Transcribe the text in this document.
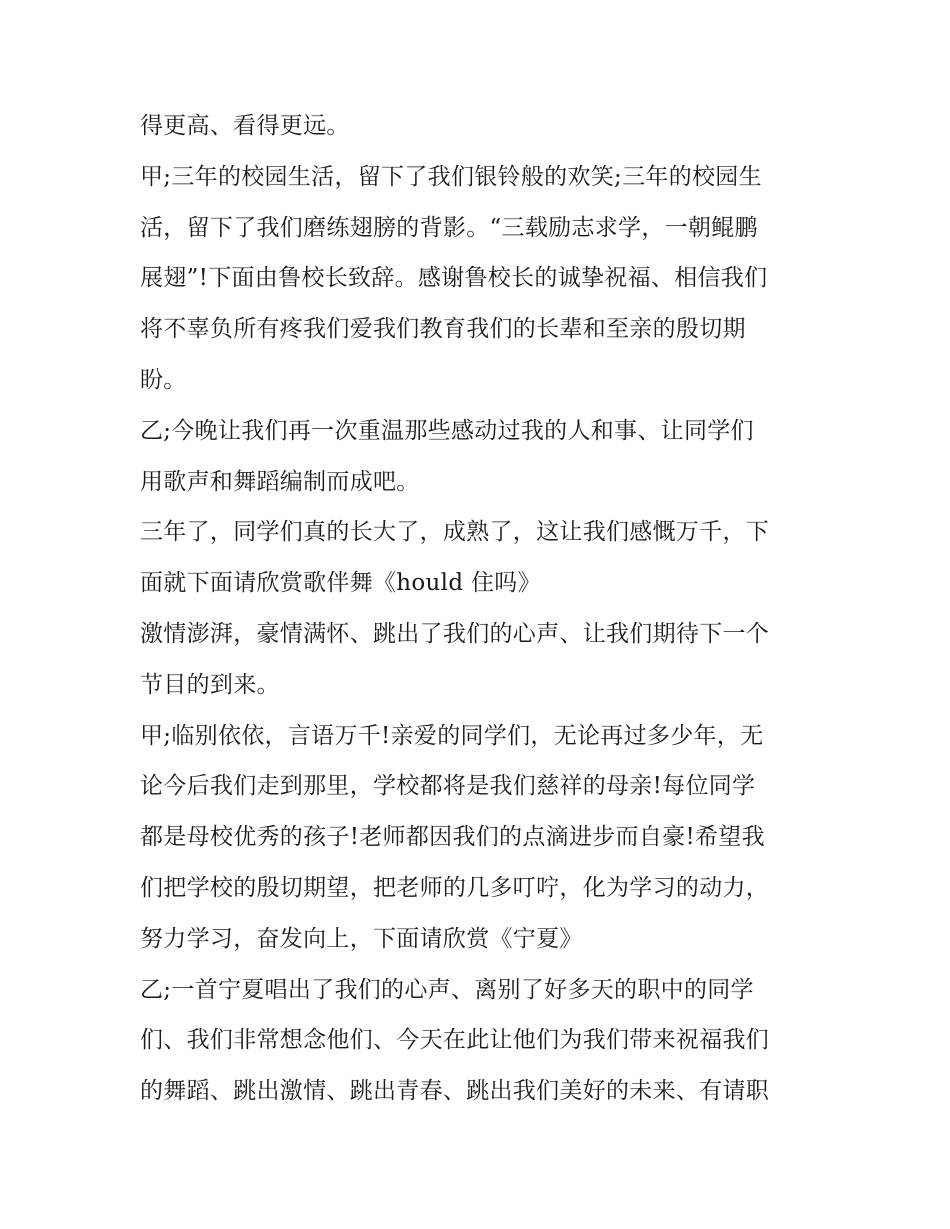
得更高、看得更远。
甲;三年的校园生活，留下了我们银铃般的欢笑;三年的校园生
活，留下了我们磨练翅膀的背影。“三载励志求学，一朝鲲鹏
展翅”!下面由鲁校长致辞。感谢鲁校长的诚挚祝福、相信我们
将不辜负所有疼我们爱我们教育我们的长辈和至亲的殷切期
盼。
乙;今晚让我们再一次重温那些感动过我的人和事、让同学们
用歌声和舞蹈编制而成吧。
三年了，同学们真的长大了，成熟了，这让我们感慨万千，下
面就下面请欣赏歌伴舞《hould 住吗》
激情澎湃，豪情满怀、跳出了我们的心声、让我们期待下一个
节目的到来。
甲;临别依依，言语万千!亲爱的同学们，无论再过多少年，无
论今后我们走到那里，学校都将是我们慈祥的母亲!每位同学
都是母校优秀的孩子!老师都因我们的点滴进步而自豪!希望我
们把学校的殷切期望，把老师的几多叮咛，化为学习的动力，
努力学习，奋发向上，下面请欣赏《宁夏》
乙;一首宁夏唱出了我们的心声、离别了好多天的职中的同学
们、我们非常想念他们、今天在此让他们为我们带来祝福我们
的舞蹈、跳出激情、跳出青春、跳出我们美好的未来、有请职
